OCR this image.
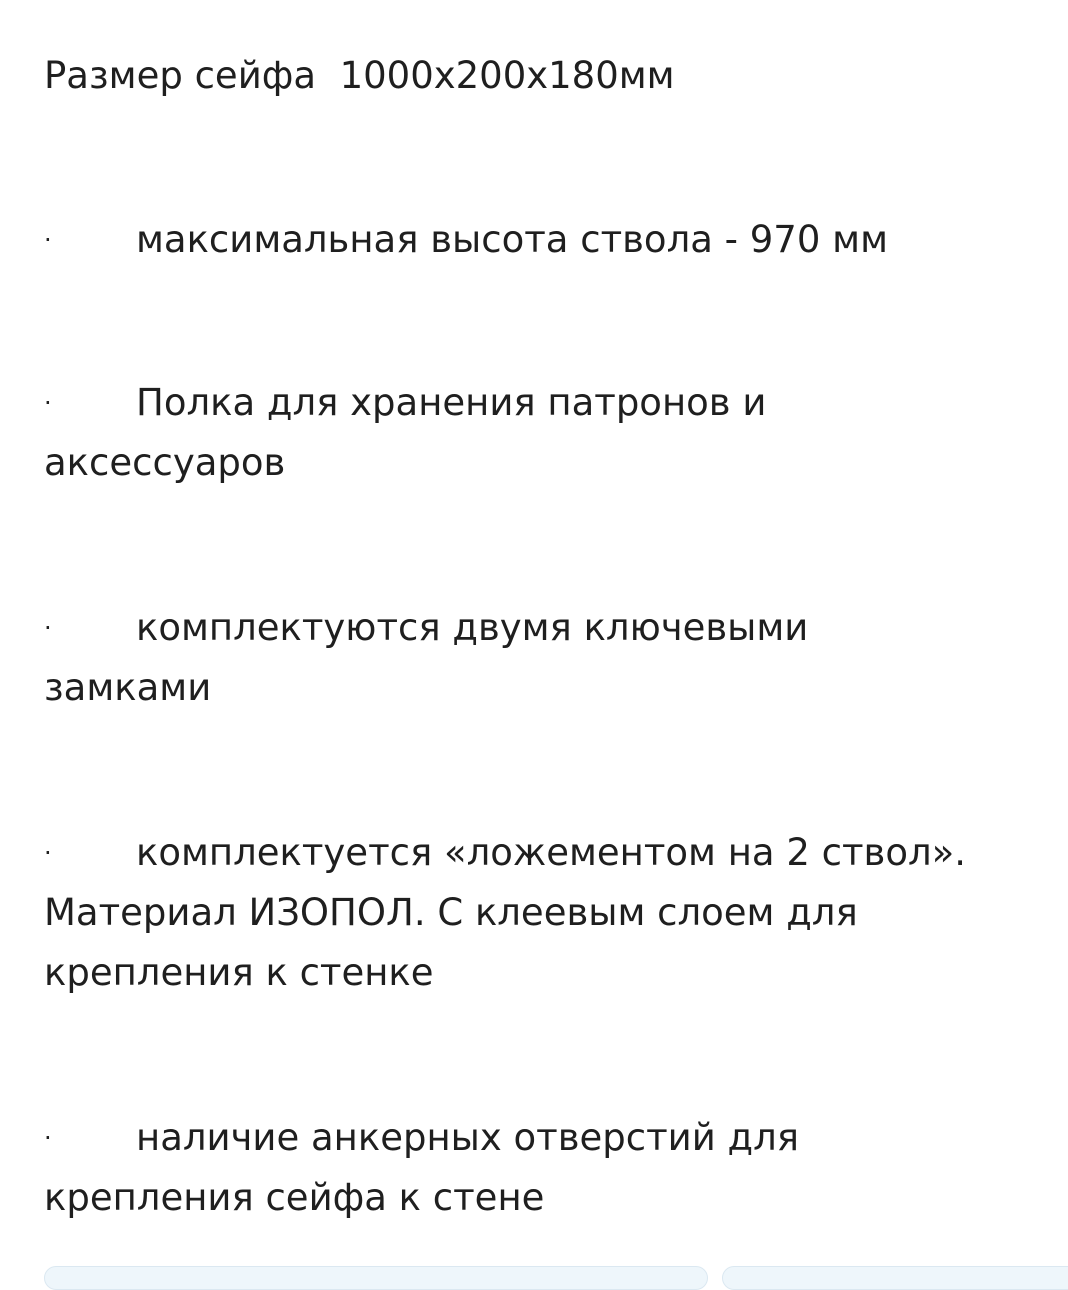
Размер сейфа  1000x200x180мм

· максимальная высота ствола - 970 мм

· Полка для хранения патронов и аксессуаров

· комплектуются двумя ключевыми замками

· комплектуется «ложементом на 2 ствол». Материал ИЗОПОЛ. С клеевым слоем для крепления к стенке

· наличие анкерных отверстий для крепления сейфа к стене
